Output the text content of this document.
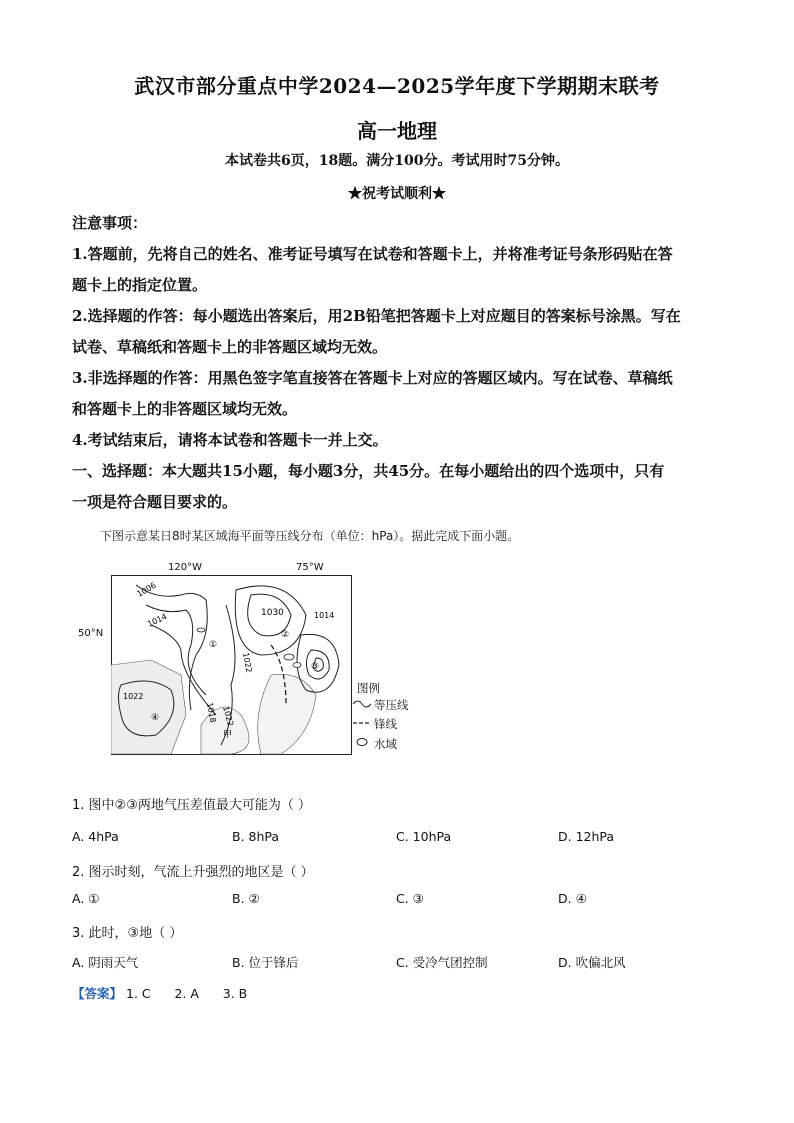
武汉市部分重点中学2024—2025学年度下学期期末联考
高一地理
本试卷共6页，18题。满分100分。考试用时75分钟。
★祝考试顺利★
注意事项：
1.答题前，先将自己的姓名、准考证号填写在试卷和答题卡上，并将准考证号条形码贴在答
题卡上的指定位置。
2.选择题的作答：每小题选出答案后，用2B铅笔把答题卡上对应题目的答案标号涂黑。写在
试卷、草稿纸和答题卡上的非答题区域均无效。
3.非选择题的作答：用黑色签字笔直接答在答题卡上对应的答题区域内。写在试卷、草稿纸
和答题卡上的非答题区域均无效。
4.考试结束后，请将本试卷和答题卡一并上交。
一、选择题：本大题共15小题，每小题3分，共45分。在每小题给出的四个选项中，只有
一项是符合题目要求的。
下图示意某日8时某区域海平面等压线分布（单位：hPa）。据此完成下面小题。
1006
1014	1030	1014
1022
1022
1018 1022
①
②
③
④
甲
50°N
120°W	75°W
图例
等压线
锋线
水域
1. 图中②③两地气压差值最大可能为（ ）
A. 4hPa	B. 8hPa	C. 10hPa	D. 12hPa
2. 图示时刻，气流上升强烈的地区是（ ）
A. ①	B. ②	C. ③	D. ④
3. 此时，③地（ ）
A. 阴雨天气	B. 位于锋后	C. 受冷气团控制	D. 吹偏北风
【答案】 1. C 2. A 3. B
